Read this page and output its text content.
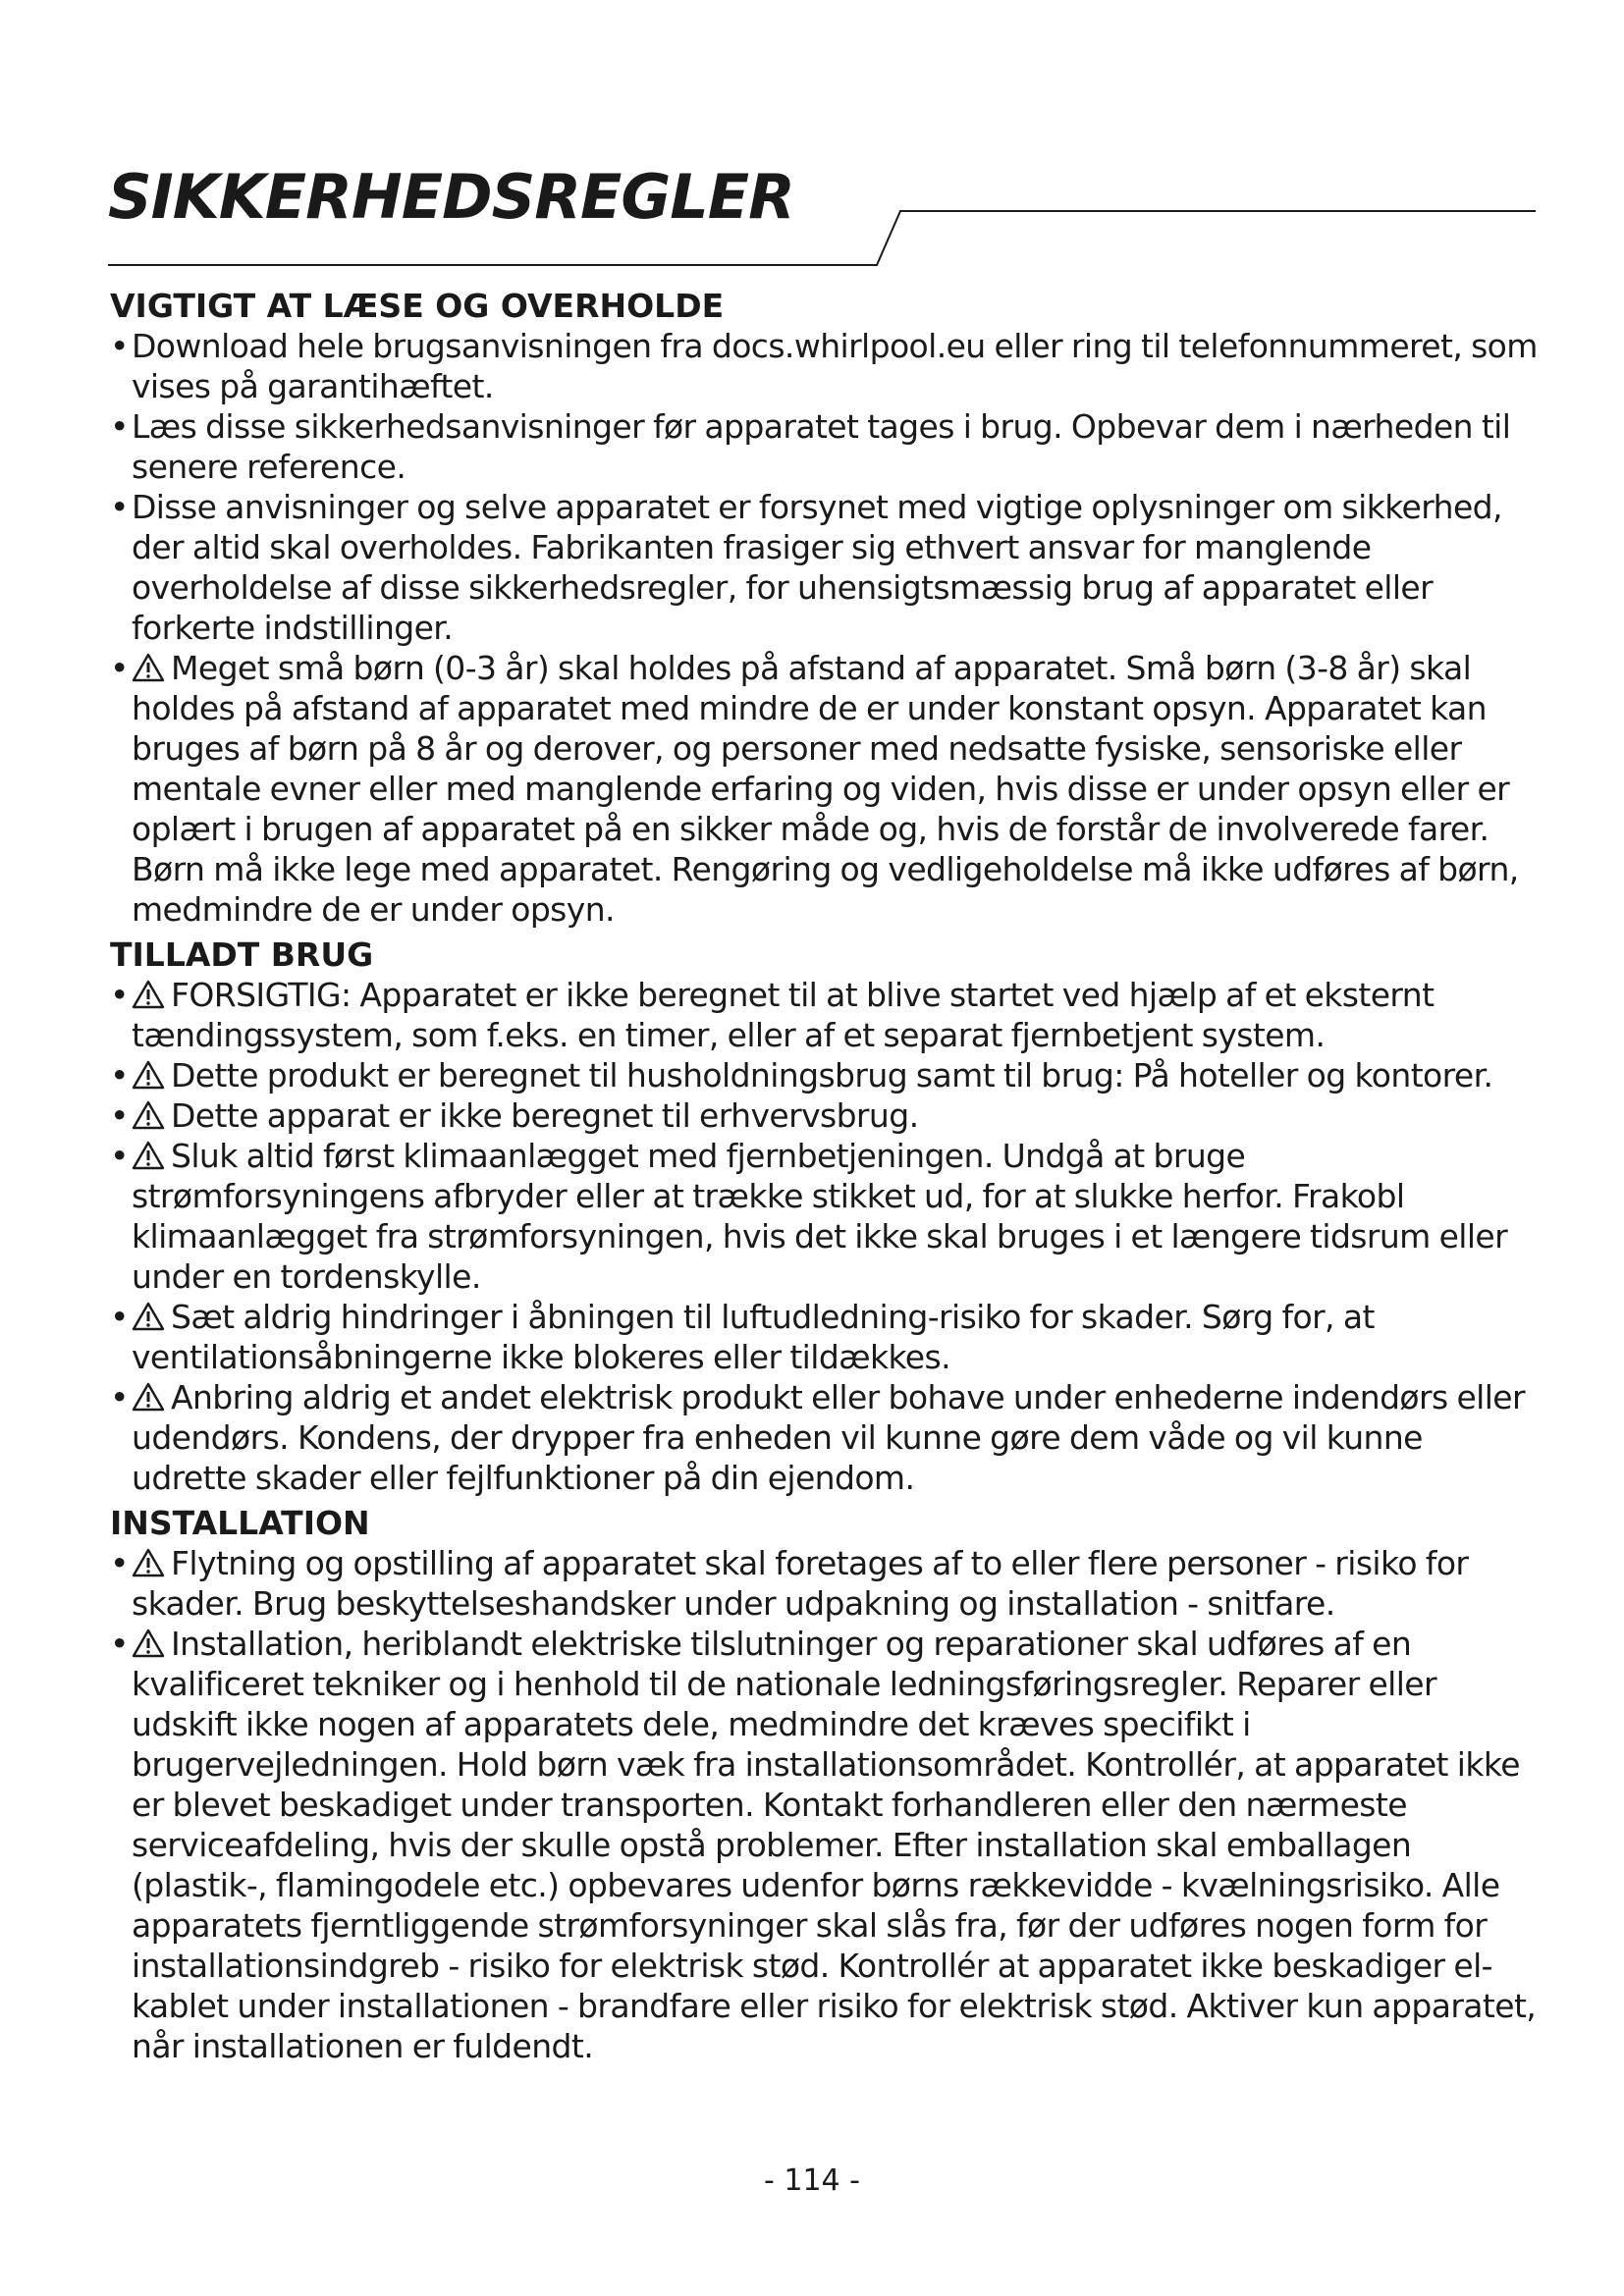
SIKKERHEDSREGLER
VIGTIGT AT LÆSE OG OVERHOLDE
• Download hele brugsanvisningen fra docs.whirlpool.eu eller ring til telefonnummeret, som vises på garantihæftet.
• Læs disse sikkerhedsanvisninger før apparatet tages i brug. Opbevar dem i nærheden til senere reference.
• Disse anvisninger og selve apparatet er forsynet med vigtige oplysninger om sikkerhed, der altid skal overholdes. Fabrikanten frasiger sig ethvert ansvar for manglende overholdelse af disse sikkerhedsregler, for uhensigtsmæssig brug af apparatet eller forkerte indstillinger.
• Meget små børn (0-3 år) skal holdes på afstand af apparatet. Små børn (3-8 år) skal holdes på afstand af apparatet med mindre de er under konstant opsyn. Apparatet kan bruges af børn på 8 år og derover, og personer med nedsatte fysiske, sensoriske eller mentale evner eller med manglende erfaring og viden, hvis disse er under opsyn eller er oplært i brugen af apparatet på en sikker måde og, hvis de forstår de involverede farer. Børn må ikke lege med apparatet. Rengøring og vedligeholdelse må ikke udføres af børn, medmindre de er under opsyn.
TILLADT BRUG
• FORSIGTIG: Apparatet er ikke beregnet til at blive startet ved hjælp af et eksternt tændingssystem, som f.eks. en timer, eller af et separat fjernbetjent system.
• Dette produkt er beregnet til husholdningsbrug samt til brug: På hoteller og kontorer.
• Dette apparat er ikke beregnet til erhvervsbrug.
• Sluk altid først klimaanlægget med fjernbetjeningen. Undgå at bruge strømforsyningens afbryder eller at trække stikket ud, for at slukke herfor. Frakobl klimaanlægget fra strømforsyningen, hvis det ikke skal bruges i et længere tidsrum eller under en tordenskylle.
• Sæt aldrig hindringer i åbningen til luftudledning-risiko for skader. Sørg for, at ventilationsåbningerne ikke blokeres eller tildækkes.
• Anbring aldrig et andet elektrisk produkt eller bohave under enhederne indendørs eller udendørs. Kondens, der drypper fra enheden vil kunne gøre dem våde og vil kunne udrette skader eller fejlfunktioner på din ejendom.
INSTALLATION
• Flytning og opstilling af apparatet skal foretages af to eller flere personer - risiko for skader. Brug beskyttelseshandsker under udpakning og installation - snitfare.
• Installation, heriblandt elektriske tilslutninger og reparationer skal udføres af en kvalificeret tekniker og i henhold til de nationale ledningsføringsregler. Reparer eller udskift ikke nogen af apparatets dele, medmindre det kræves specifikt i brugervejledningen. Hold børn væk fra installationsområdet. Kontrollér, at apparatet ikke er blevet beskadiget under transporten. Kontakt forhandleren eller den nærmeste serviceafdeling, hvis der skulle opstå problemer. Efter installation skal emballagen (plastik-, flamingodele etc.) opbevares udenfor børns rækkevidde - kvælningsrisiko. Alle apparatets fjerntliggende strømforsyninger skal slås fra, før der udføres nogen form for installationsindgreb - risiko for elektrisk stød. Kontrollér at apparatet ikke beskadiger el-kablet under installationen - brandfare eller risiko for elektrisk stød. Aktiver kun apparatet, når installationen er fuldendt.
- 114 -
